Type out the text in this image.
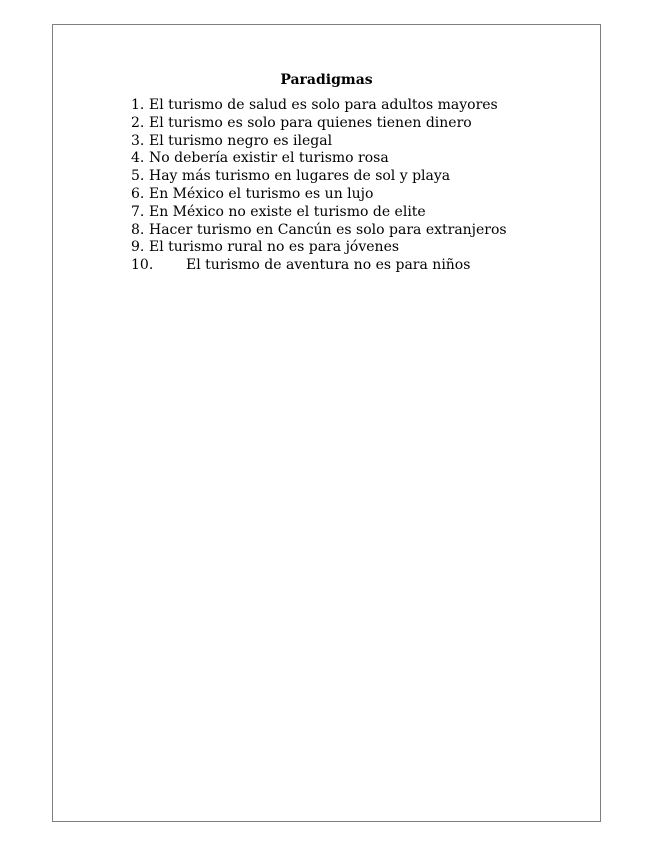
Paradigmas
1. El turismo de salud es solo para adultos mayores
2. El turismo es solo para quienes tienen dinero
3. El turismo negro es ilegal
4. No debería existir el turismo rosa
5. Hay más turismo en lugares de sol y playa
6. En México el turismo es un lujo
7. En México no existe el turismo de elite
8. Hacer turismo en Cancún es solo para extranjeros
9. El turismo rural no es para jóvenes
10.	El turismo de aventura no es para niños
